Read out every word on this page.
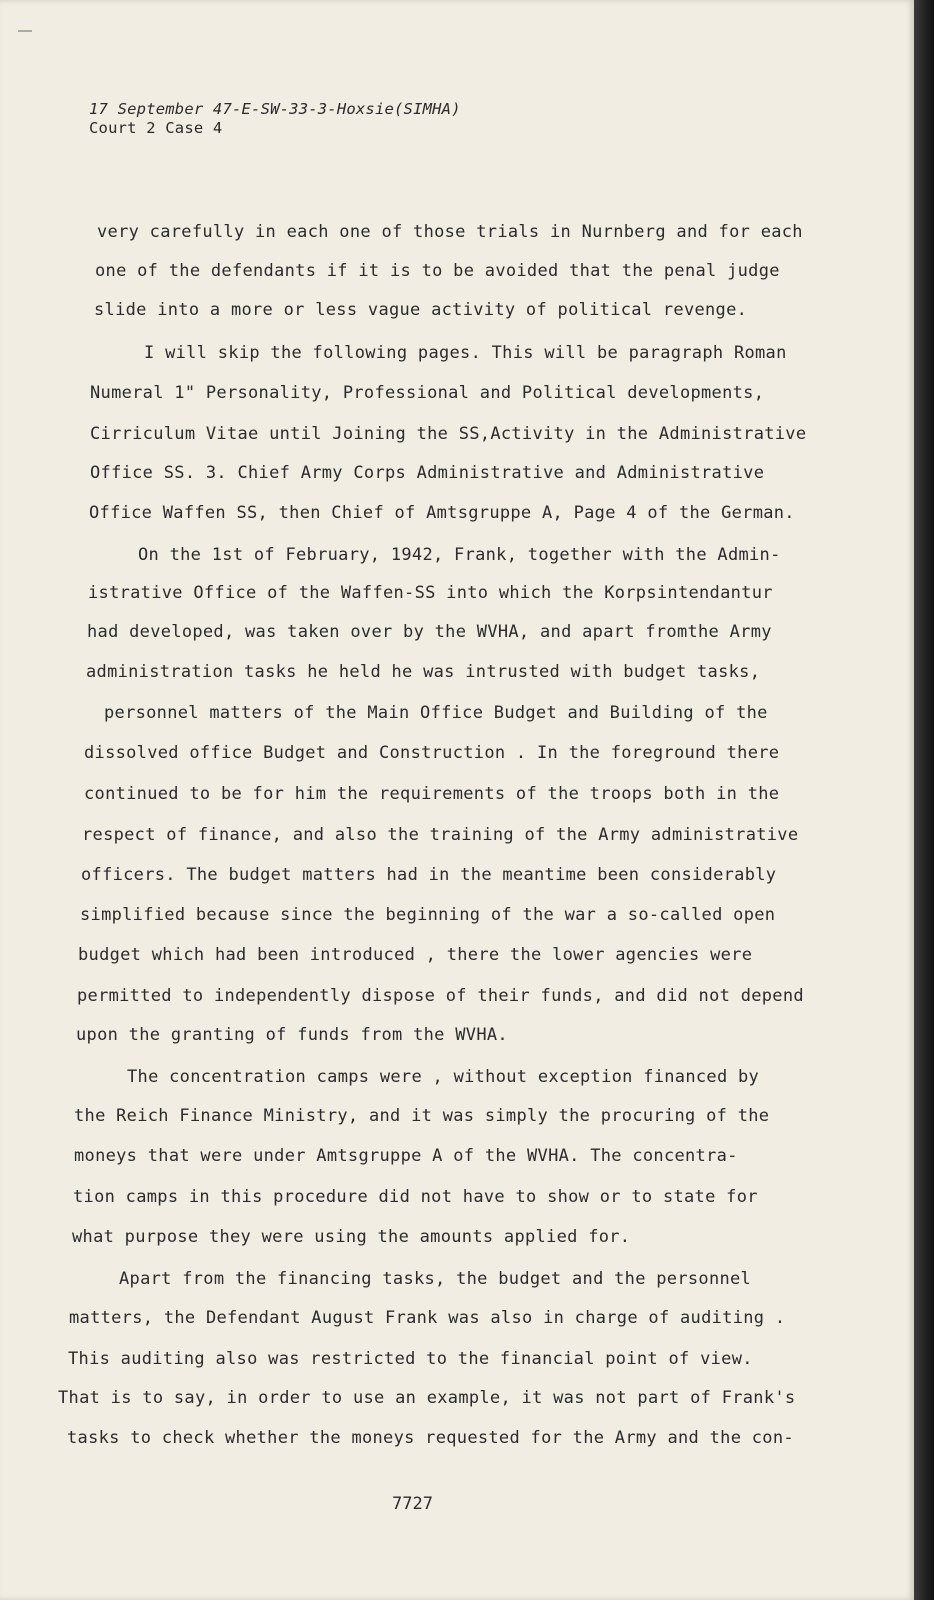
17 September 47-E-SW-33-3-Hoxsie(SIMHA)
Court 2 Case 4
very carefully in each one of those trials in Nurnberg and for each
one of the defendants if it is to be avoided that the penal judge
slide into a more or less vague activity of political revenge.
I will skip the following pages. This will be paragraph Roman
Numeral 1" Personality, Professional and Political developments,
Cirriculum Vitae until Joining the SS,Activity in the Administrative
Office SS. 3. Chief Army Corps Administrative and Administrative
Office Waffen SS, then Chief of Amtsgruppe A, Page 4 of the German.
On the 1st of February, 1942, Frank, together with the Admin-
istrative Office of the Waffen-SS into which the Korpsintendantur
had developed, was taken over by the WVHA, and apart fromthe Army
administration tasks he held he was intrusted with budget tasks,
personnel matters of the Main Office Budget and Building of the
dissolved office Budget and Construction . In the foreground there
continued to be for him the requirements of the troops both in the
respect of finance, and also the training of the Army administrative
officers. The budget matters had in the meantime been considerably
simplified because since the beginning of the war a so-called open
budget which had been introduced , there the lower agencies were
permitted to independently dispose of their funds, and did not depend
upon the granting of funds from the WVHA.
The concentration camps were , without exception financed by
the Reich Finance Ministry, and it was simply the procuring of the
moneys that were under Amtsgruppe A of the WVHA. The concentra-
tion camps in this procedure did not have to show or to state for
what purpose they were using the amounts applied for.
Apart from the financing tasks, the budget and the personnel
matters, the Defendant August Frank was also in charge of auditing .
This auditing also was restricted to the financial point of view.
That is to say, in order to use an example, it was not part of Frank's
tasks to check whether the moneys requested for the Army and the con-
7727
